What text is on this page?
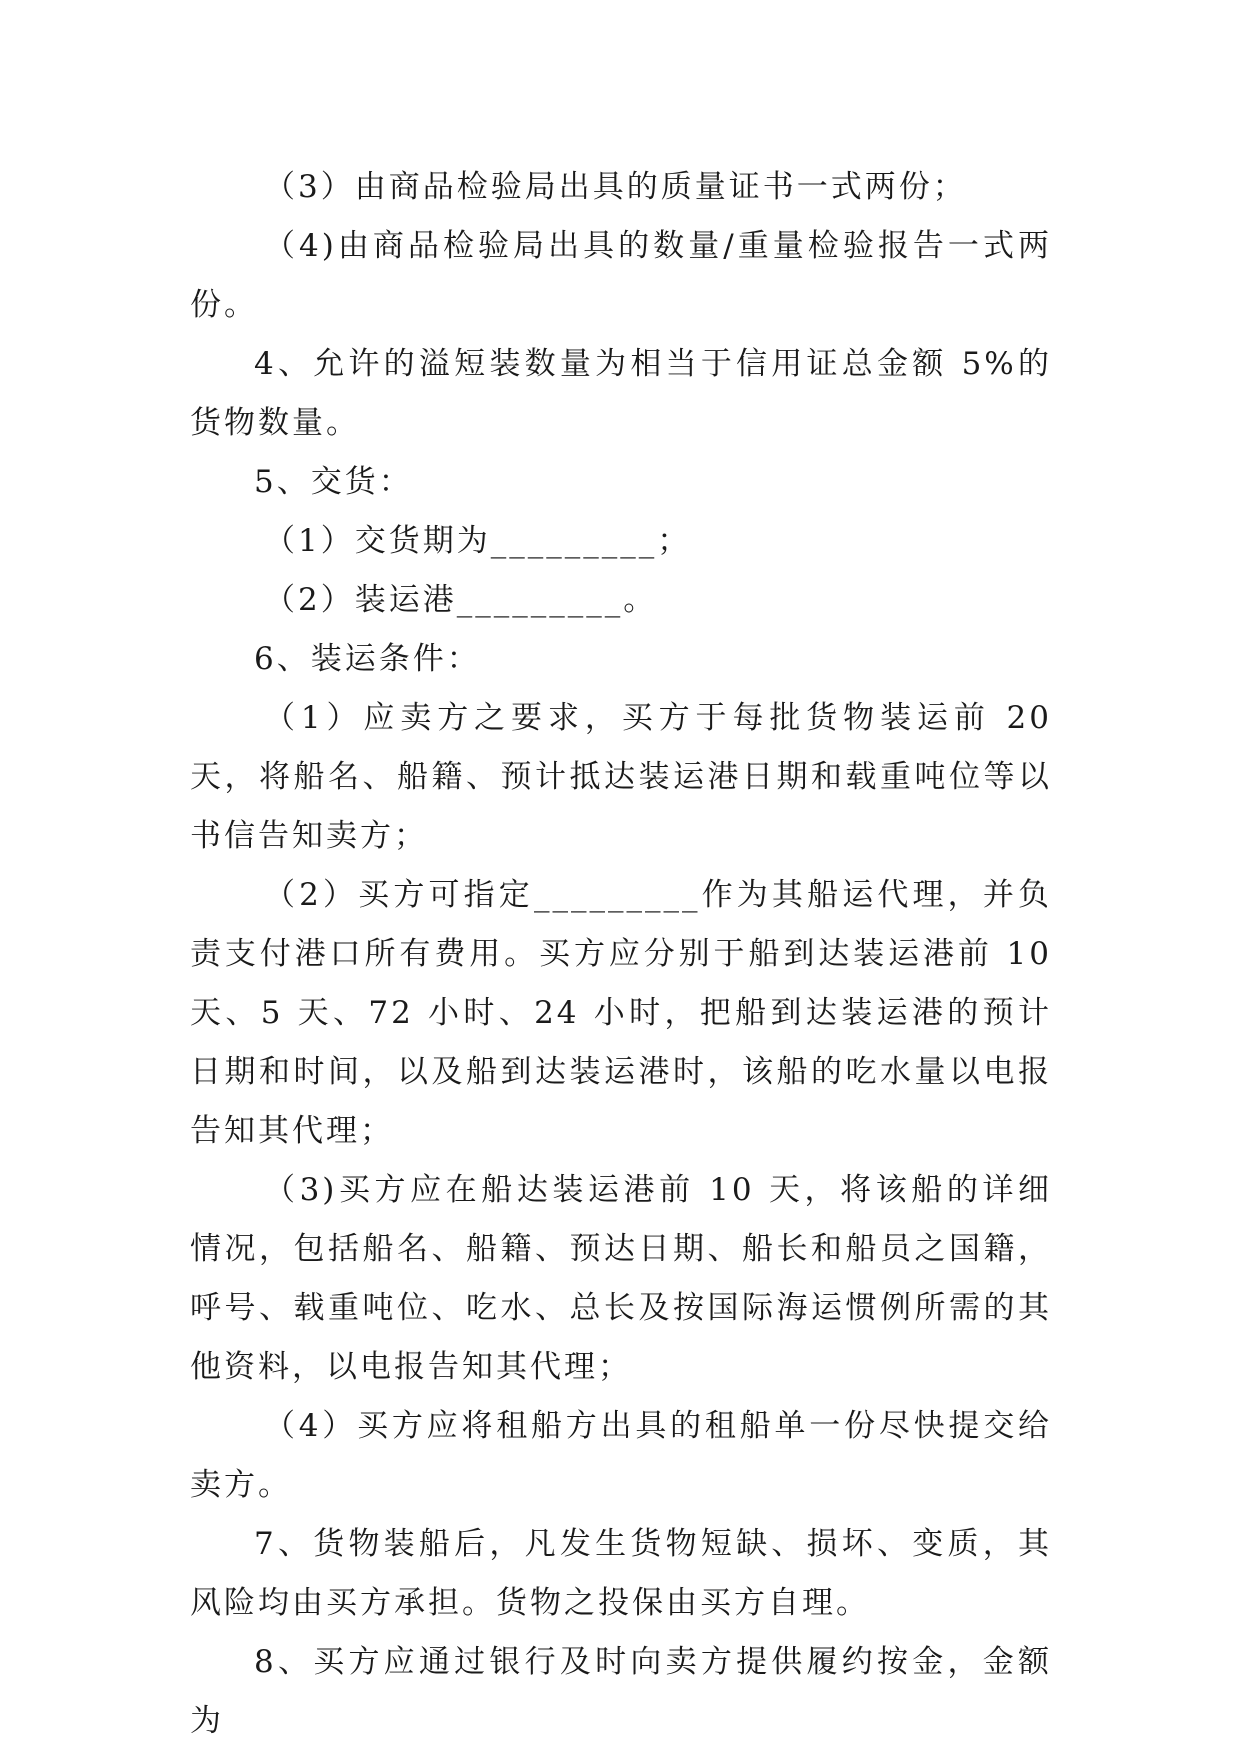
（3）由商品检验局出具的质量证书一式两份；

（4)由商品检验局出具的数量/重量检验报告一式两份。

4、允许的溢短装数量为相当于信用证总金额 5%的货物数量。

5、交货：

（1）交货期为_________；

（2）装运港_________。

6、装运条件：

（1）应卖方之要求，买方于每批货物装运前 20 天，将船名、船籍、预计抵达装运港日期和载重吨位等以书信告知卖方；

（2）买方可指定_________作为其船运代理，并负责支付港口所有费用。买方应分别于船到达装运港前 10 天、5 天、72 小时、24 小时，把船到达装运港的预计日期和时间，以及船到达装运港时，该船的吃水量以电报告知其代理；

（3)买方应在船达装运港前 10 天，将该船的详细情况，包括船名、船籍、预达日期、船长和船员之国籍，呼号、载重吨位、吃水、总长及按国际海运惯例所需的其他资料，以电报告知其代理；

（4）买方应将租船方出具的租船单一份尽快提交给卖方。

7、货物装船后，凡发生货物短缺、损坏、变质，其风险均由买方承担。货物之投保由买方自理。

8、买方应通过银行及时向卖方提供履约按金，金额为
